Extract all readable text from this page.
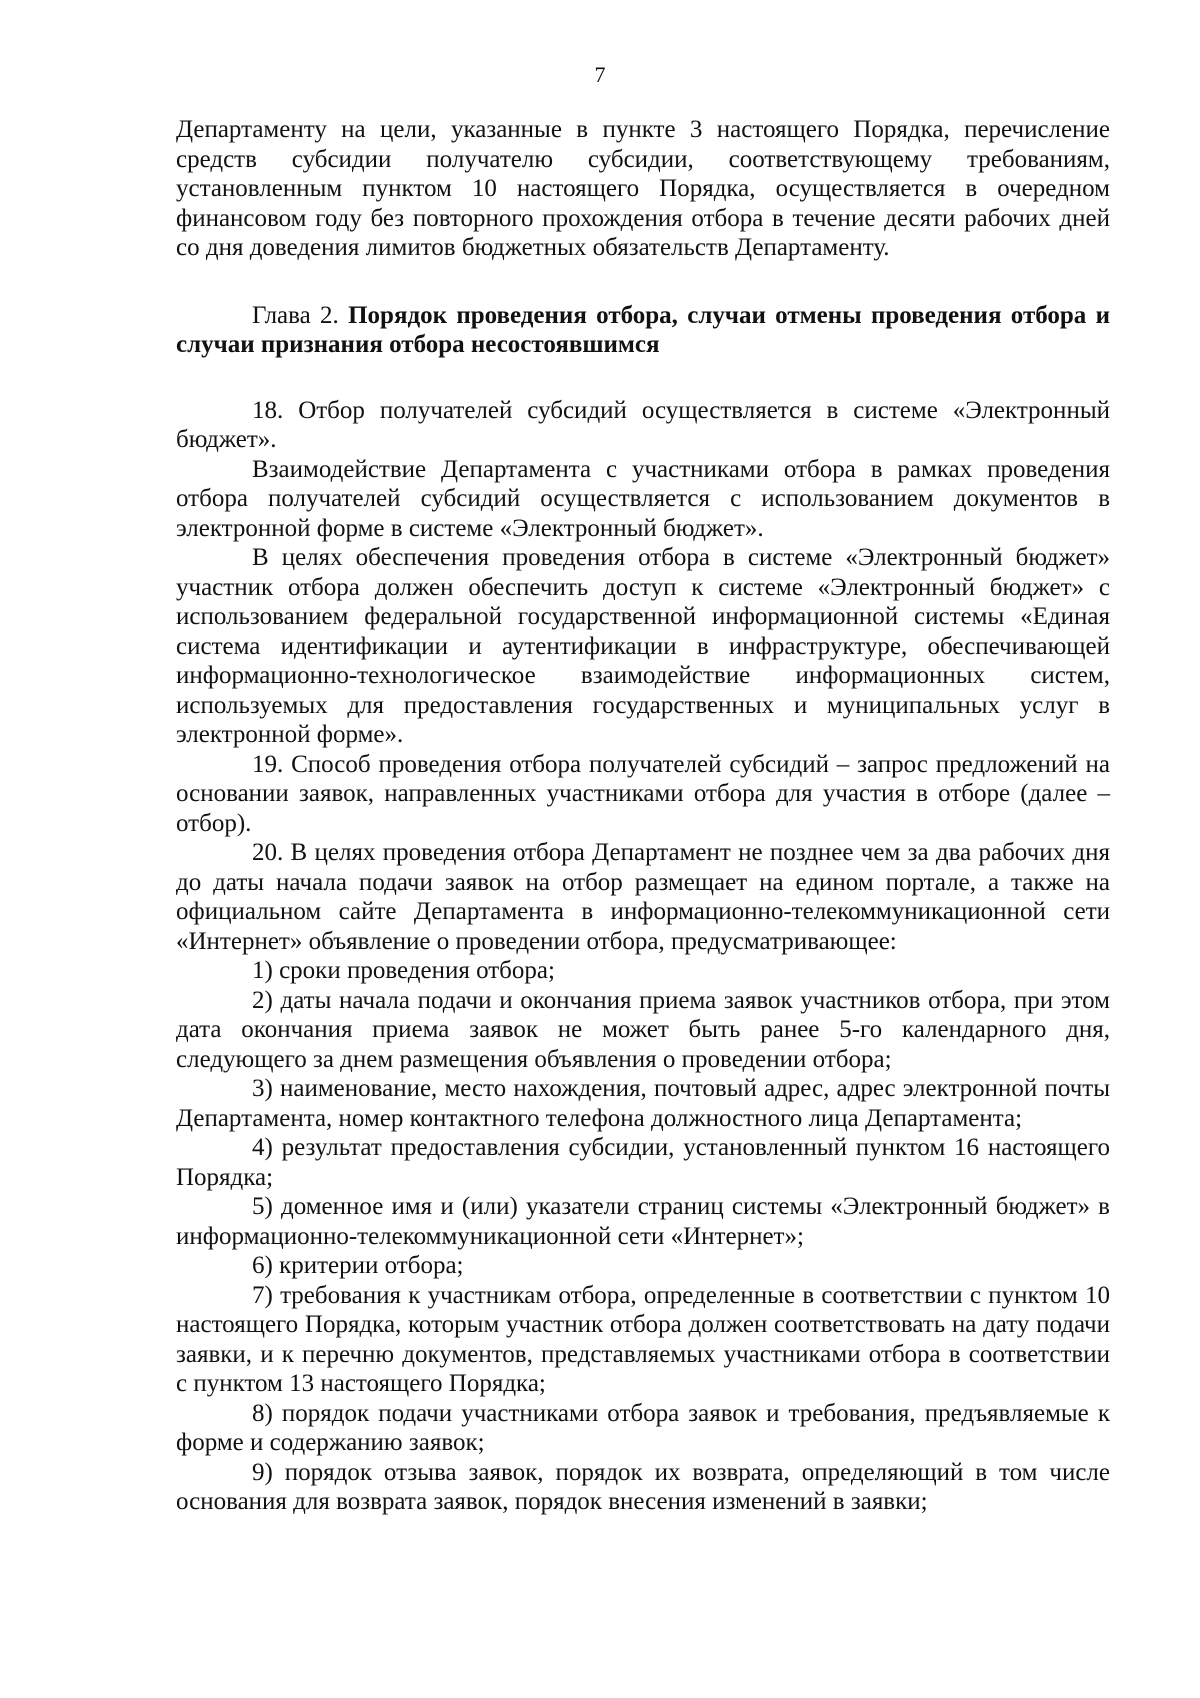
7

Департаменту на цели, указанные в пункте 3 настоящего Порядка, перечисление средств субсидии получателю субсидии, соответствующему требованиям, установленным пунктом 10 настоящего Порядка, осуществляется в очередном финансовом году без повторного прохождения отбора в течение десяти рабочих дней со дня доведения лимитов бюджетных обязательств Департаменту.

Глава 2. Порядок проведения отбора, случаи отмены проведения отбора и случаи признания отбора несостоявшимся

18. Отбор получателей субсидий осуществляется в системе «Электронный бюджет».

Взаимодействие Департамента с участниками отбора в рамках проведения отбора получателей субсидий осуществляется с использованием документов в электронной форме в системе «Электронный бюджет».

В целях обеспечения проведения отбора в системе «Электронный бюджет» участник отбора должен обеспечить доступ к системе «Электронный бюджет» с использованием федеральной государственной информационной системы «Единая система идентификации и аутентификации в инфраструктуре, обеспечивающей информационно-технологическое взаимодействие информационных систем, используемых для предоставления государственных и муниципальных услуг в электронной форме».

19. Способ проведения отбора получателей субсидий – запрос предложений на основании заявок, направленных участниками отбора для участия в отборе (далее – отбор).

20. В целях проведения отбора Департамент не позднее чем за два рабочих дня до даты начала подачи заявок на отбор размещает на едином портале, а также на официальном сайте Департамента в информационно-телекоммуникационной сети «Интернет» объявление о проведении отбора, предусматривающее:

1) сроки проведения отбора;

2) даты начала подачи и окончания приема заявок участников отбора, при этом дата окончания приема заявок не может быть ранее 5-го календарного дня, следующего за днем размещения объявления о проведении отбора;

3) наименование, место нахождения, почтовый адрес, адрес электронной почты Департамента, номер контактного телефона должностного лица Департамента;

4) результат предоставления субсидии, установленный пунктом 16 настоящего Порядка;

5) доменное имя и (или) указатели страниц системы «Электронный бюджет» в информационно-телекоммуникационной сети «Интернет»;

6) критерии отбора;

7) требования к участникам отбора, определенные в соответствии с пунктом 10 настоящего Порядка, которым участник отбора должен соответствовать на дату подачи заявки, и к перечню документов, представляемых участниками отбора в соответствии с пунктом 13 настоящего Порядка;

8) порядок подачи участниками отбора заявок и требования, предъявляемые к форме и содержанию заявок;

9) порядок отзыва заявок, порядок их возврата, определяющий в том числе основания для возврата заявок, порядок внесения изменений в заявки;
